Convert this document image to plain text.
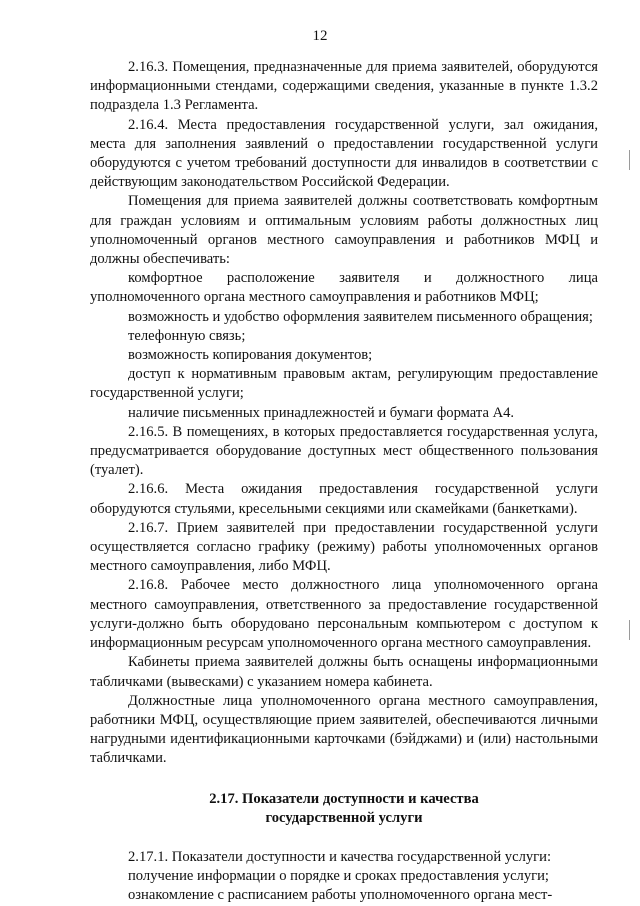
12

2.16.3. Помещения, предназначенные для приема заявителей, оборудуются информационными стендами, содержащими сведения, указанные в пункте 1.3.2 подраздела 1.3 Регламента.

2.16.4. Места предоставления государственной услуги, зал ожидания, места для заполнения заявлений о предоставлении государственной услуги оборудуются с учетом требований доступности для инвалидов в соответствии с действующим законодательством Российской Федерации.

Помещения для приема заявителей должны соответствовать комфортным для граждан условиям и оптимальным условиям работы должностных лиц уполномоченный органов местного самоуправления и работников МФЦ и должны обеспечивать:

комфортное расположение заявителя и должностного лица уполномоченного органа местного самоуправления и работников МФЦ;

возможность и удобство оформления заявителем письменного обращения;

телефонную связь;

возможность копирования документов;

доступ к нормативным правовым актам, регулирующим предоставление государственной услуги;

наличие письменных принадлежностей и бумаги формата А4.

2.16.5. В помещениях, в которых предоставляется государственная услуга, предусматривается оборудование доступных мест общественного пользования (туалет).

2.16.6. Места ожидания предоставления государственной услуги оборудуются стульями, кресельными секциями или скамейками (банкетками).

2.16.7. Прием заявителей при предоставлении государственной услуги осуществляется согласно графику (режиму) работы уполномоченных органов местного самоуправления, либо МФЦ.

2.16.8. Рабочее место должностного лица уполномоченного органа местного самоуправления, ответственного за предоставление государственной услуги-должно быть оборудовано персональным компьютером с доступом к информационным ресурсам уполномоченного органа местного самоуправления.

Кабинеты приема заявителей должны быть оснащены информационными табличками (вывесками) с указанием номера кабинета.

Должностные лица уполномоченного органа местного самоуправления, работники МФЦ, осуществляющие прием заявителей, обеспечиваются личными нагрудными идентификационными карточками (бэйджами) и (или) настольными табличками.

2.17. Показатели доступности и качества
государственной услуги

2.17.1. Показатели доступности и качества государственной услуги:

получение информации о порядке и сроках предоставления услуги;

ознакомление с расписанием работы уполномоченного органа мест-
